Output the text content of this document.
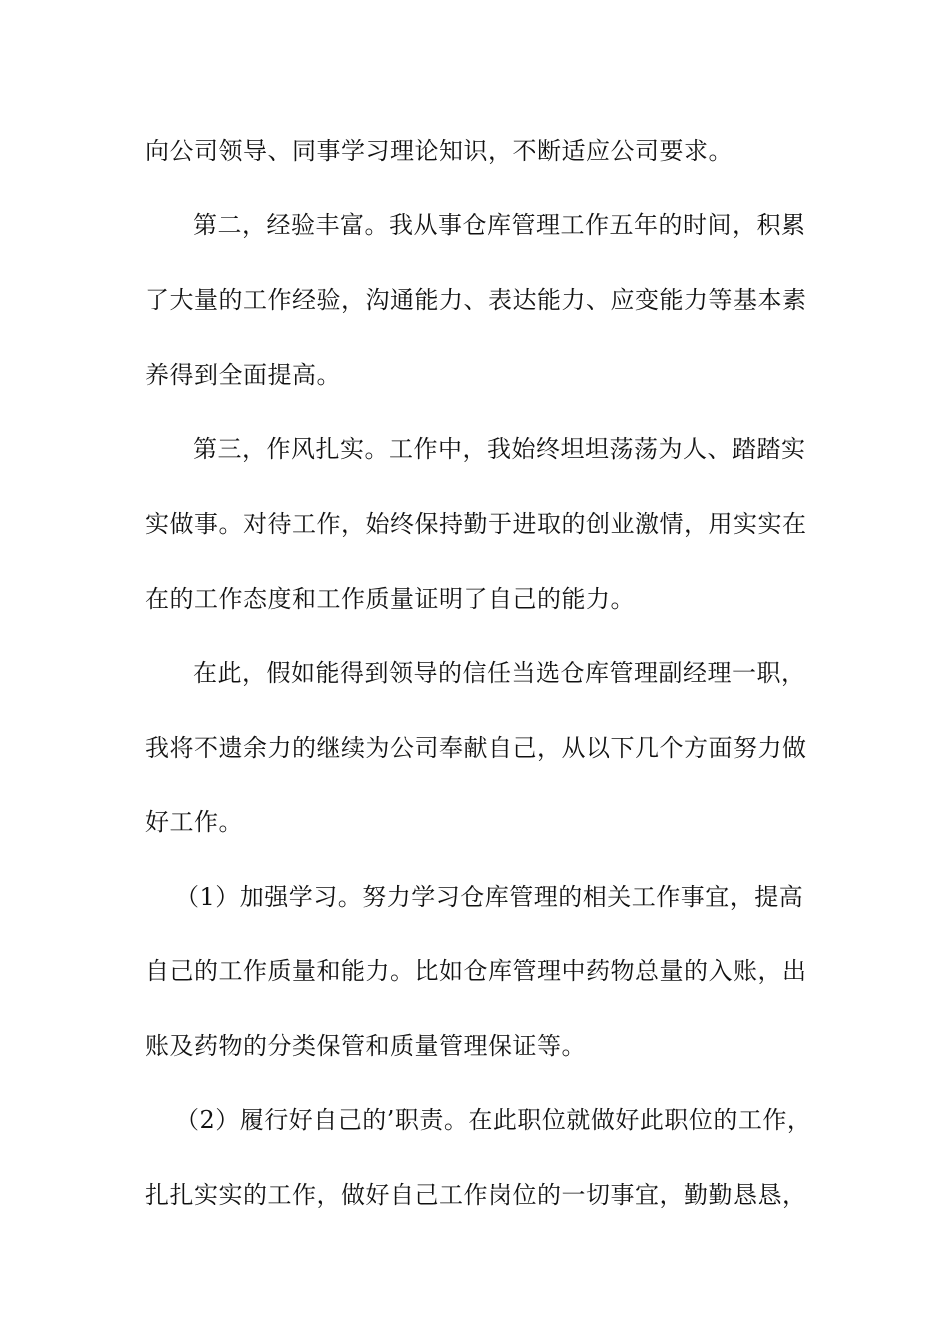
向公司领导、同事学习理论知识，不断适应公司要求。
第二，经验丰富。我从事仓库管理工作五年的时间，积累
了大量的工作经验，沟通能力、表达能力、应变能力等基本素
养得到全面提高。
第三，作风扎实。工作中，我始终坦坦荡荡为人、踏踏实
实做事。对待工作，始终保持勤于进取的创业激情，用实实在
在的工作态度和工作质量证明了自己的能力。
在此，假如能得到领导的信任当选仓库管理副经理一职，
我将不遗余力的继续为公司奉献自己，从以下几个方面努力做
好工作。
（1）加强学习。努力学习仓库管理的相关工作事宜，提高
自己的工作质量和能力。比如仓库管理中药物总量的入账，出
账及药物的分类保管和质量管理保证等。
（2）履行好自己的’职责。在此职位就做好此职位的工作，
扎扎实实的工作，做好自己工作岗位的一切事宜，勤勤恳恳，
